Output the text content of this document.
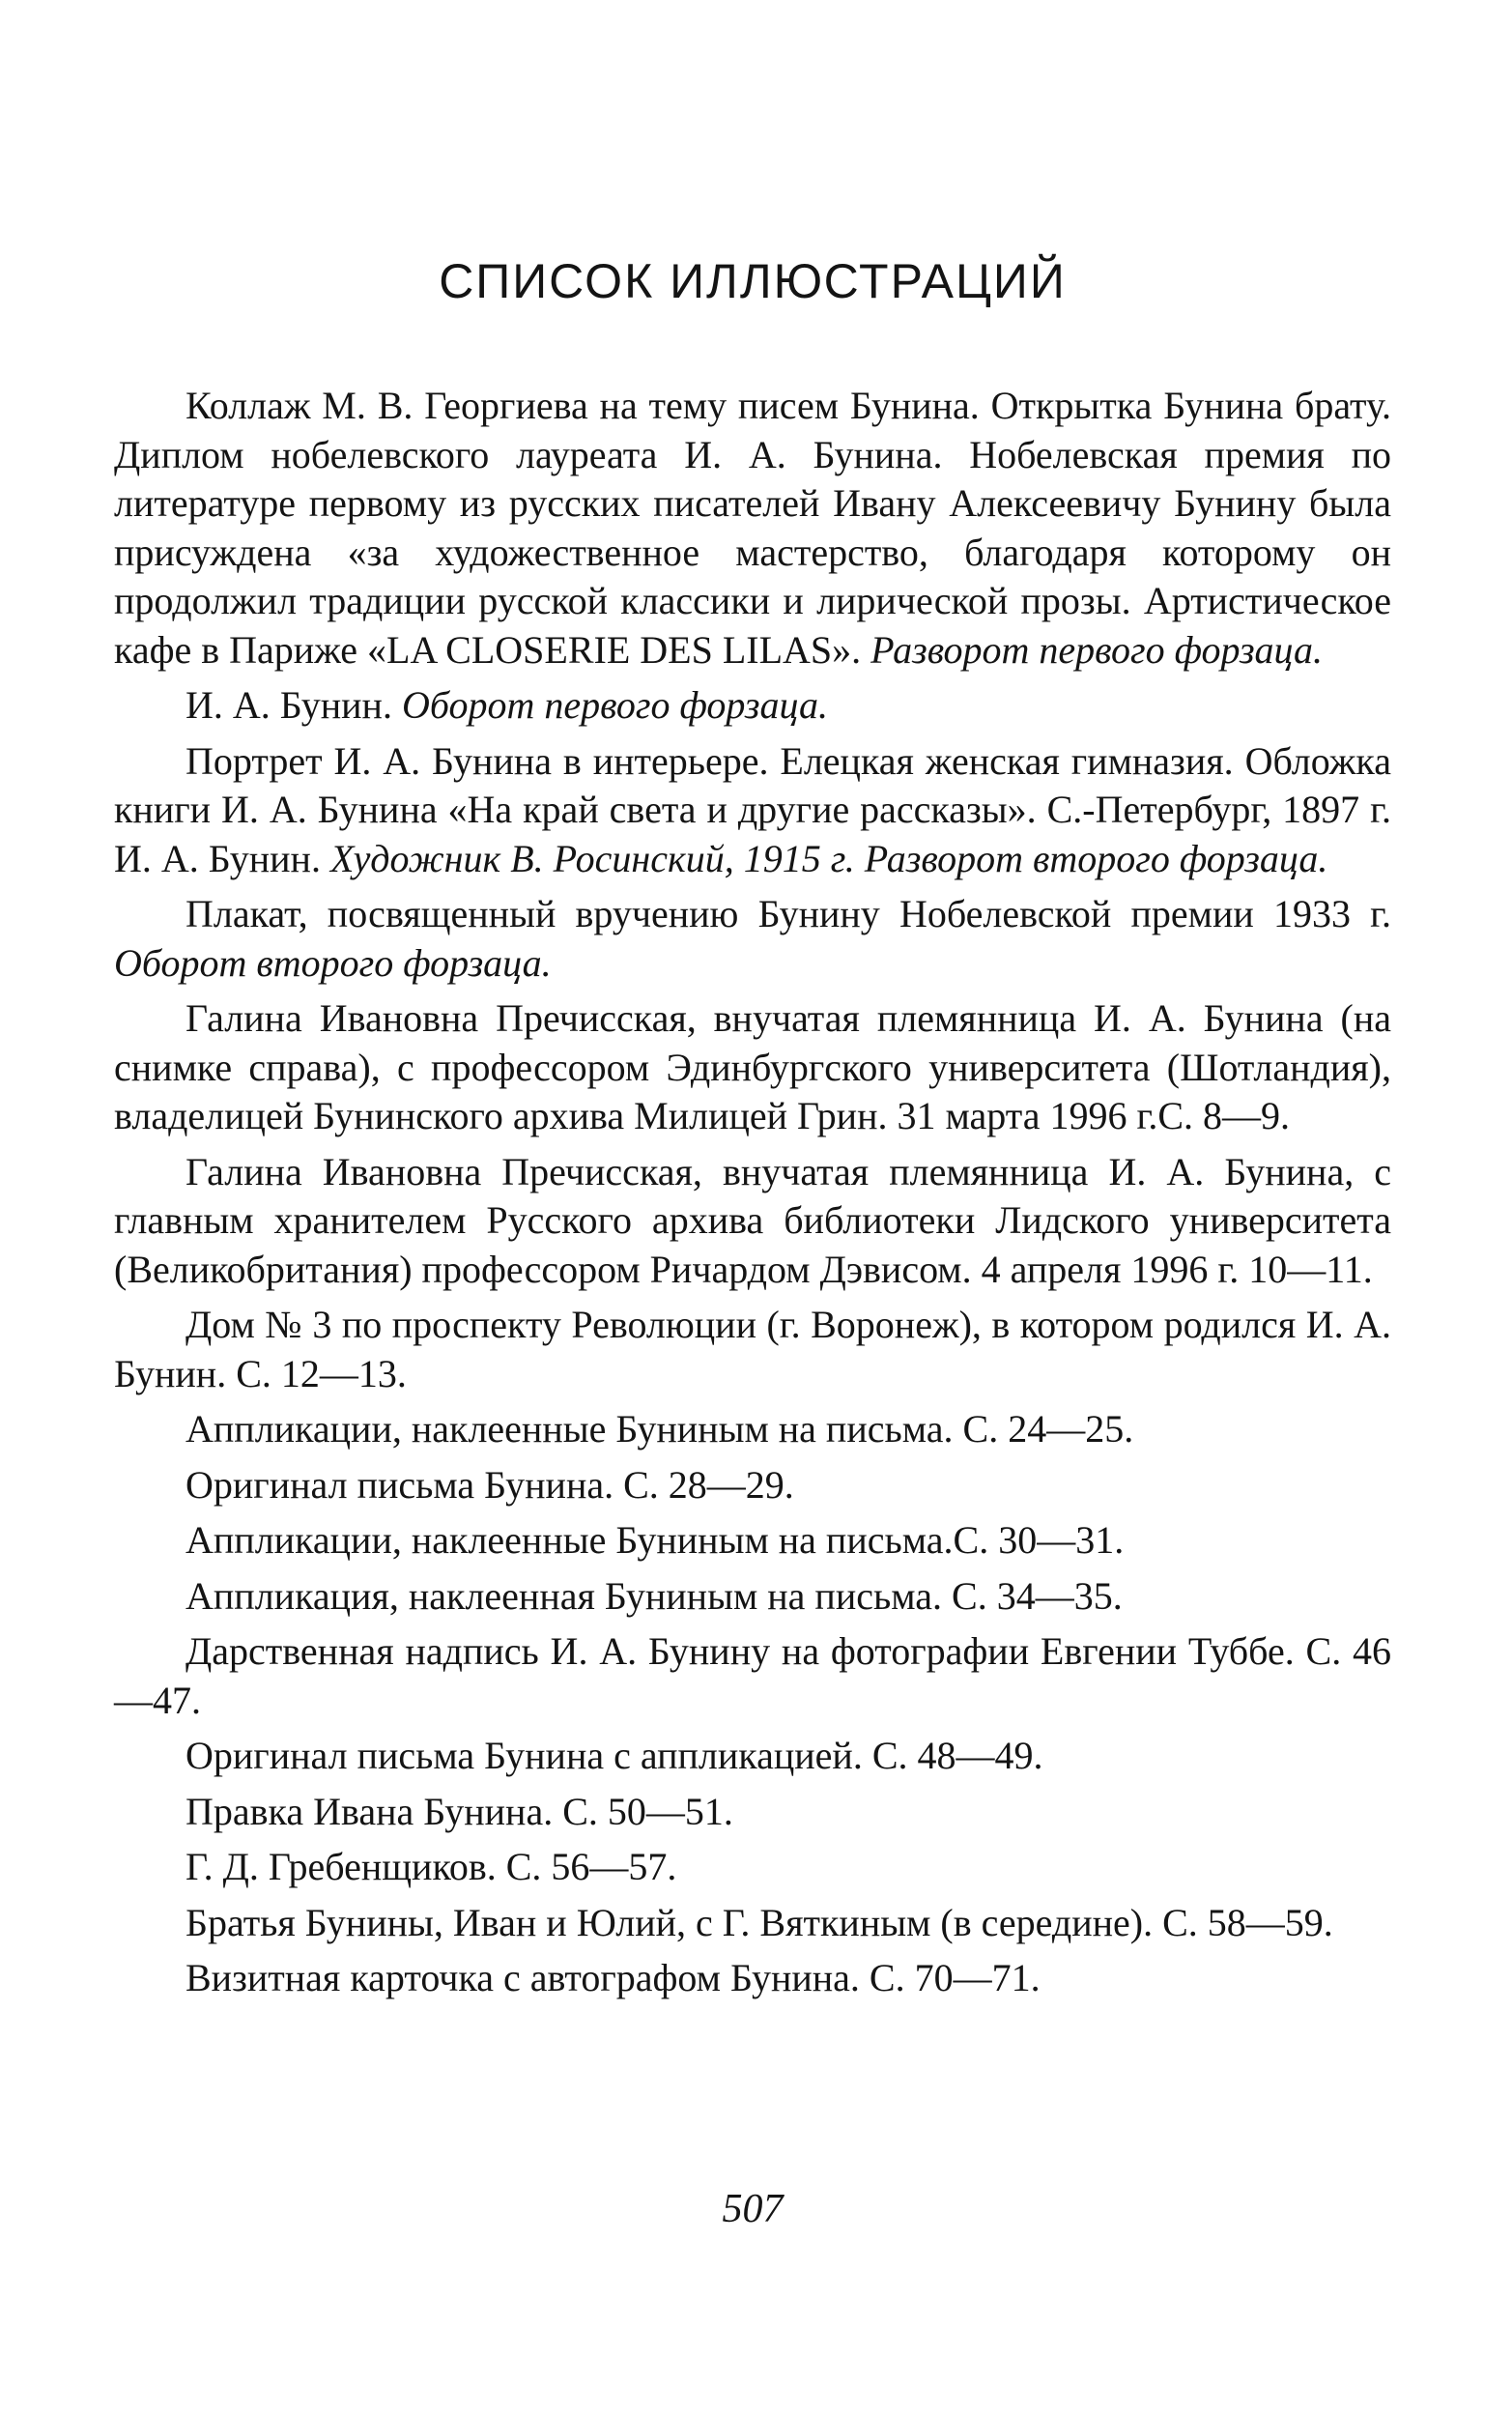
СПИСОК ИЛЛЮСТРАЦИЙ

Коллаж М. В. Георгиева на тему писем Бунина. Открытка Бунина брату. Диплом нобелевского лауреата И. А. Бунина. Нобелевская премия по литературе первому из русских писателей Ивану Алексеевичу Бунину была присуждена «за художественное мастерство, благодаря которому он продолжил традиции русской классики и лирической прозы. Артистическое кафе в Париже «LA CLOSERIE DES LILAS». Разворот первого форзаца.

И. А. Бунин. Оборот первого форзаца.

Портрет И. А. Бунина в интерьере. Елецкая женская гимназия. Обложка книги И. А. Бунина «На край света и другие рассказы». С.-Петербург, 1897 г. И. А. Бунин. Художник В. Росинский, 1915 г. Разворот второго форзаца.

Плакат, посвященный вручению Бунину Нобелевской премии 1933 г. Оборот второго форзаца.

Галина Ивановна Пречисская, внучатая племянница И. А. Бунина (на снимке справа), с профессором Эдинбургского университета (Шотландия), владелицей Бунинского архива Милицей Грин. 31 марта 1996 г.С. 8—9.

Галина Ивановна Пречисская, внучатая племянница И. А. Бунина, с главным хранителем Русского архива библиотеки Лидского университета (Великобритания) профессором Ричардом Дэвисом. 4 апреля 1996 г. 10—11.

Дом № 3 по проспекту Революции (г. Воронеж), в котором родился И. А. Бунин. С. 12—13.

Аппликации, наклеенные Буниным на письма. С. 24—25.

Оригинал письма Бунина. С. 28—29.

Аппликации, наклеенные Буниным на письма.С. 30—31.

Аппликация, наклеенная Буниным на письма. С. 34—35.

Дарственная надпись И. А. Бунину на фотографии Евгении Туббе. С. 46—47.

Оригинал письма Бунина с аппликацией. С. 48—49.

Правка Ивана Бунина. С. 50—51.

Г. Д. Гребенщиков. С. 56—57.

Братья Бунины, Иван и Юлий, с Г. Вяткиным (в середине). С. 58—59.

Визитная карточка с автографом Бунина. С. 70—71.

507
